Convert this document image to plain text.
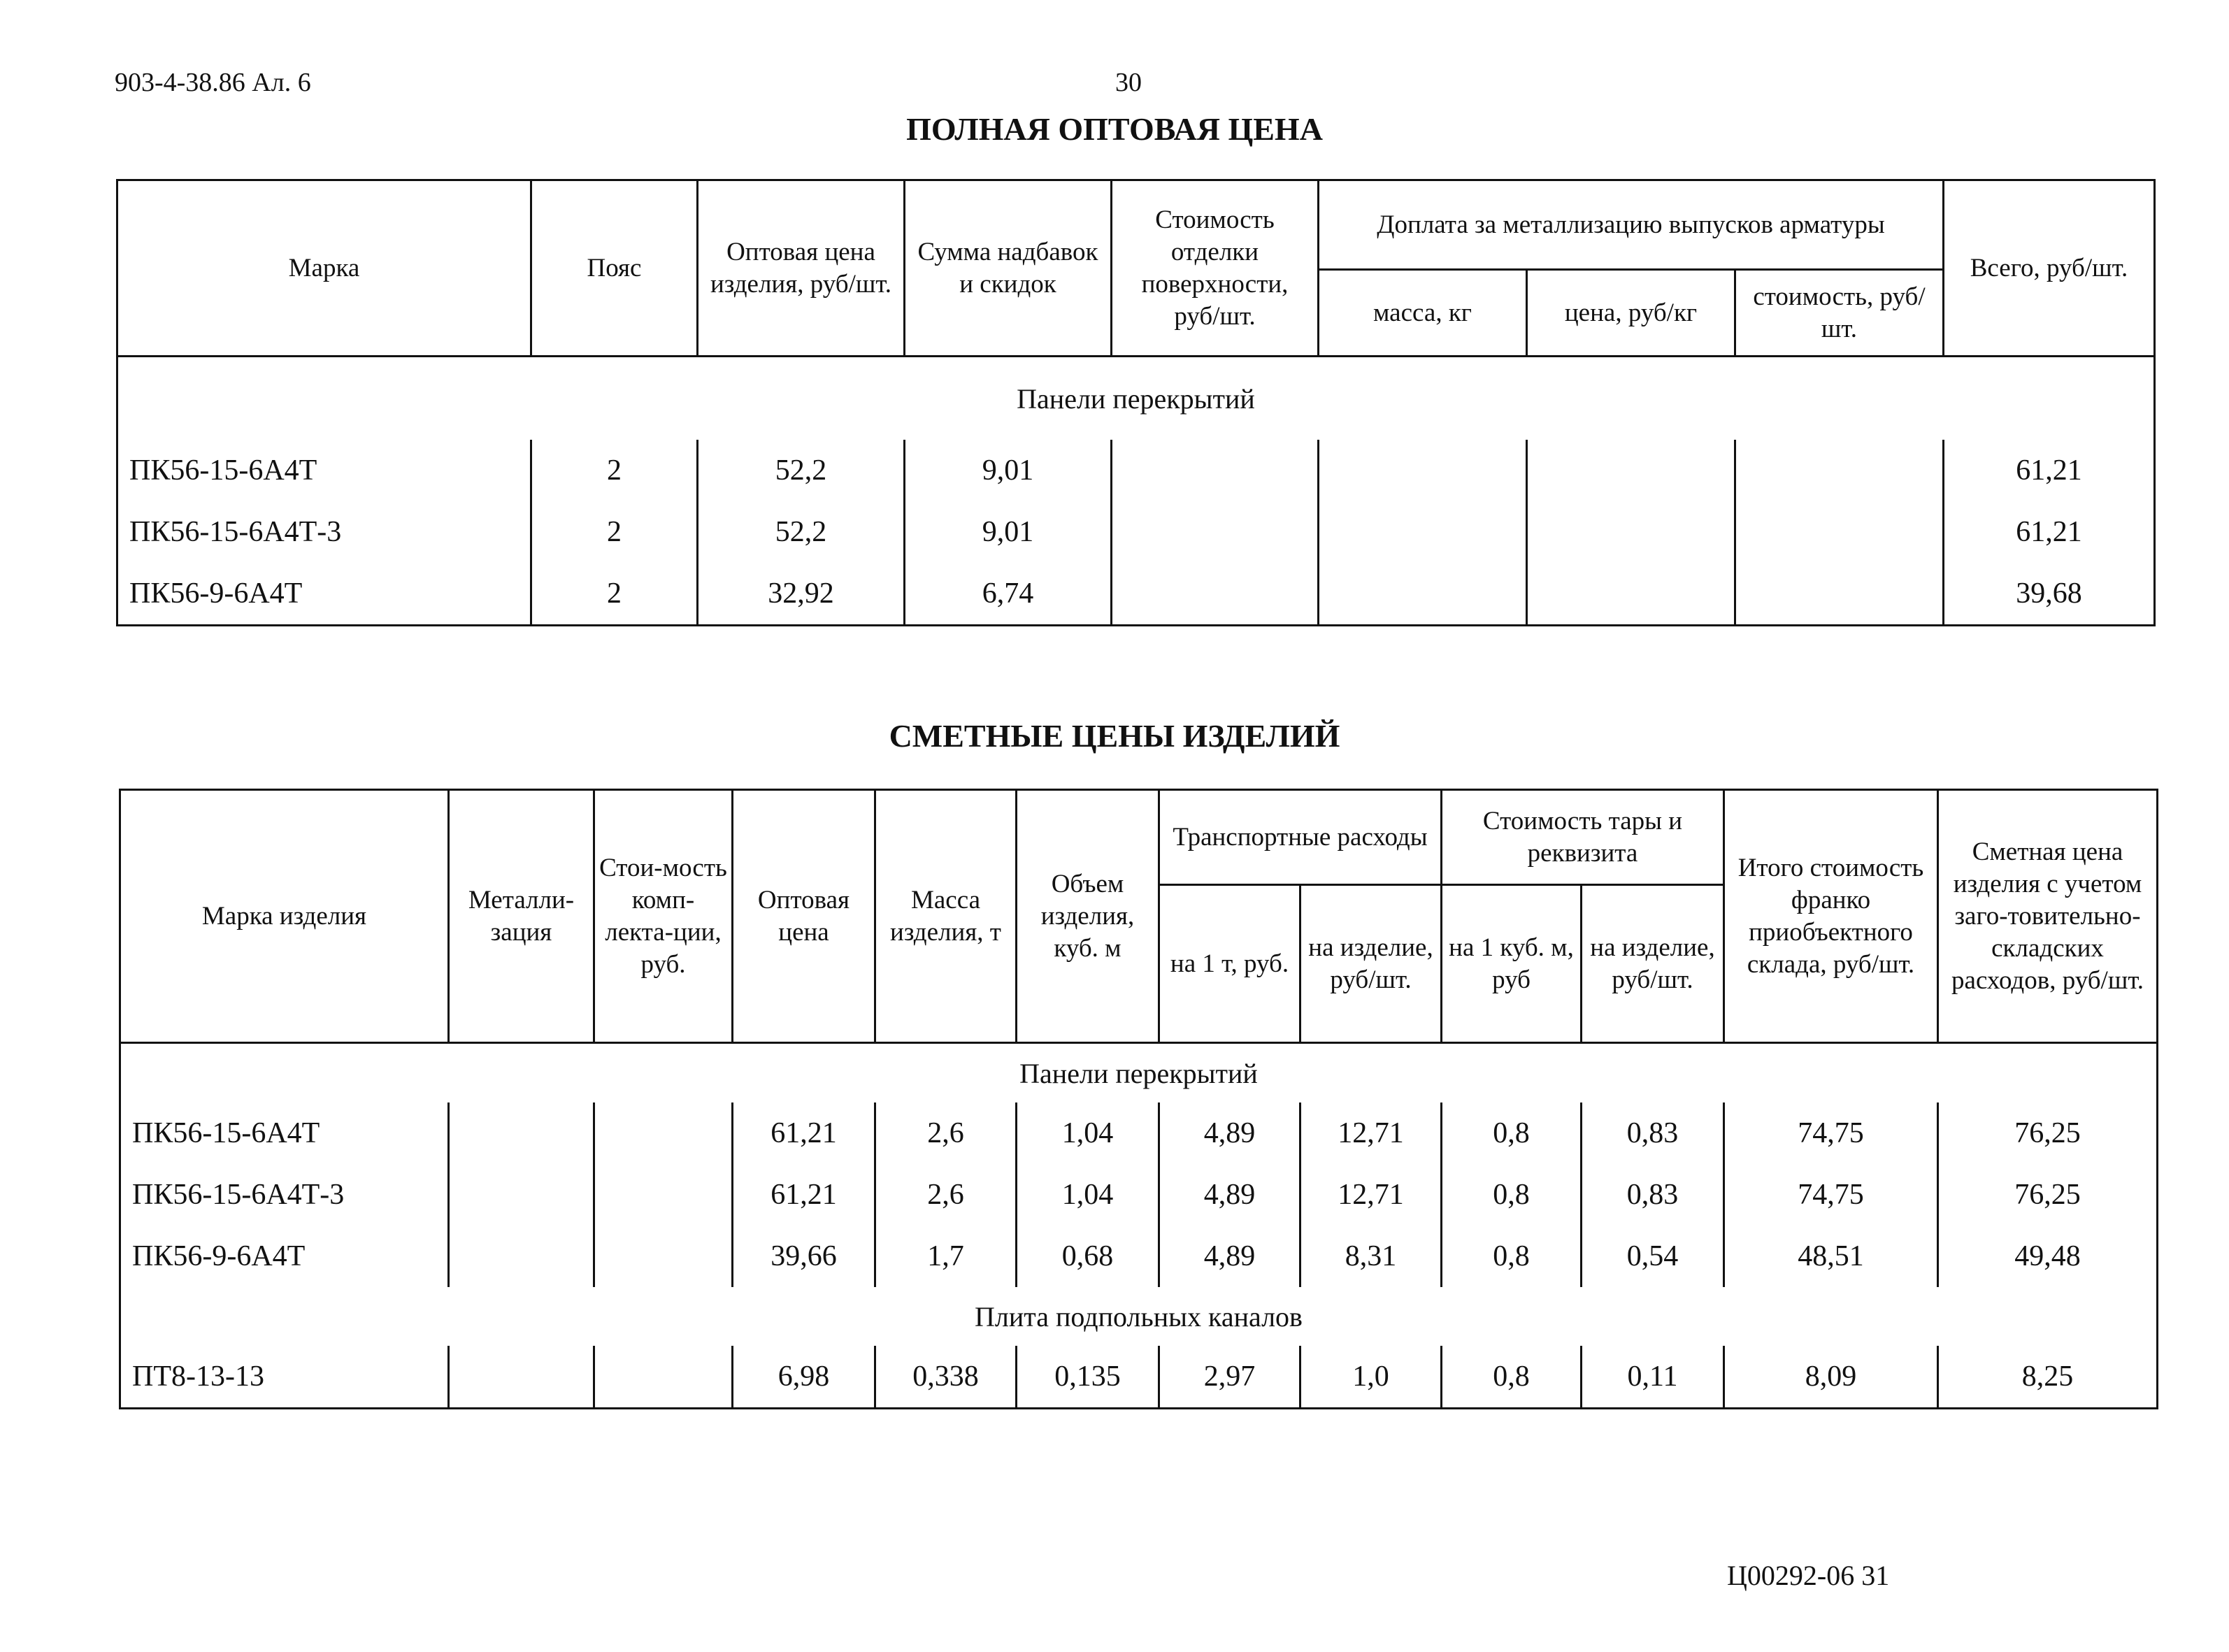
903-4-38.86 Ал. 6	30
ПОЛНАЯ ОПТОВАЯ ЦЕНА
Марка	Пояс	Оптовая цена изделия, руб/шт.	Сумма надбавок и скидок	Стоимость отделки поверхности, руб/шт.	Доплата за металлизацию выпусков арматуры			Всего, руб/шт.
					масса, кг	цена, руб/кг	стоимость, руб/шт.	
Панели перекрытий								
ПК56-15-6А4Т	2	52,2	9,01					61,21
ПК56-15-6А4Т-3	2	52,2	9,01					61,21
ПК56-9-6А4Т	2	32,92	6,74					39,68
СМЕТНЫЕ ЦЕНЫ ИЗДЕЛИЙ
Марка изделия	Металли-зация	Стои-мость комп-лекта-ции, руб.	Оптовая цена	Масса изделия, т	Объем изделия, куб. м	Транспортные расходы		Стоимость тары и реквизита		Итого стоимость франко приобъектного склада, руб/шт.	Сметная цена изделия с учетом заго-товительно-складских расходов, руб/шт.
						на 1 т, руб.	на изделие, руб/шт.	на 1 куб. м, руб	на изделие, руб/шт.		
Панели перекрытий											
ПК56-15-6А4Т			61,21	2,6	1,04	4,89	12,71	0,8	0,83	74,75	76,25
ПК56-15-6А4Т-3			61,21	2,6	1,04	4,89	12,71	0,8	0,83	74,75	76,25
ПК56-9-6А4Т			39,66	1,7	0,68	4,89	8,31	0,8	0,54	48,51	49,48
Плита подпольных каналов											
ПТ8-13-13			6,98	0,338	0,135	2,97	1,0	0,8	0,11	8,09	8,25
Ц00292-06 31
